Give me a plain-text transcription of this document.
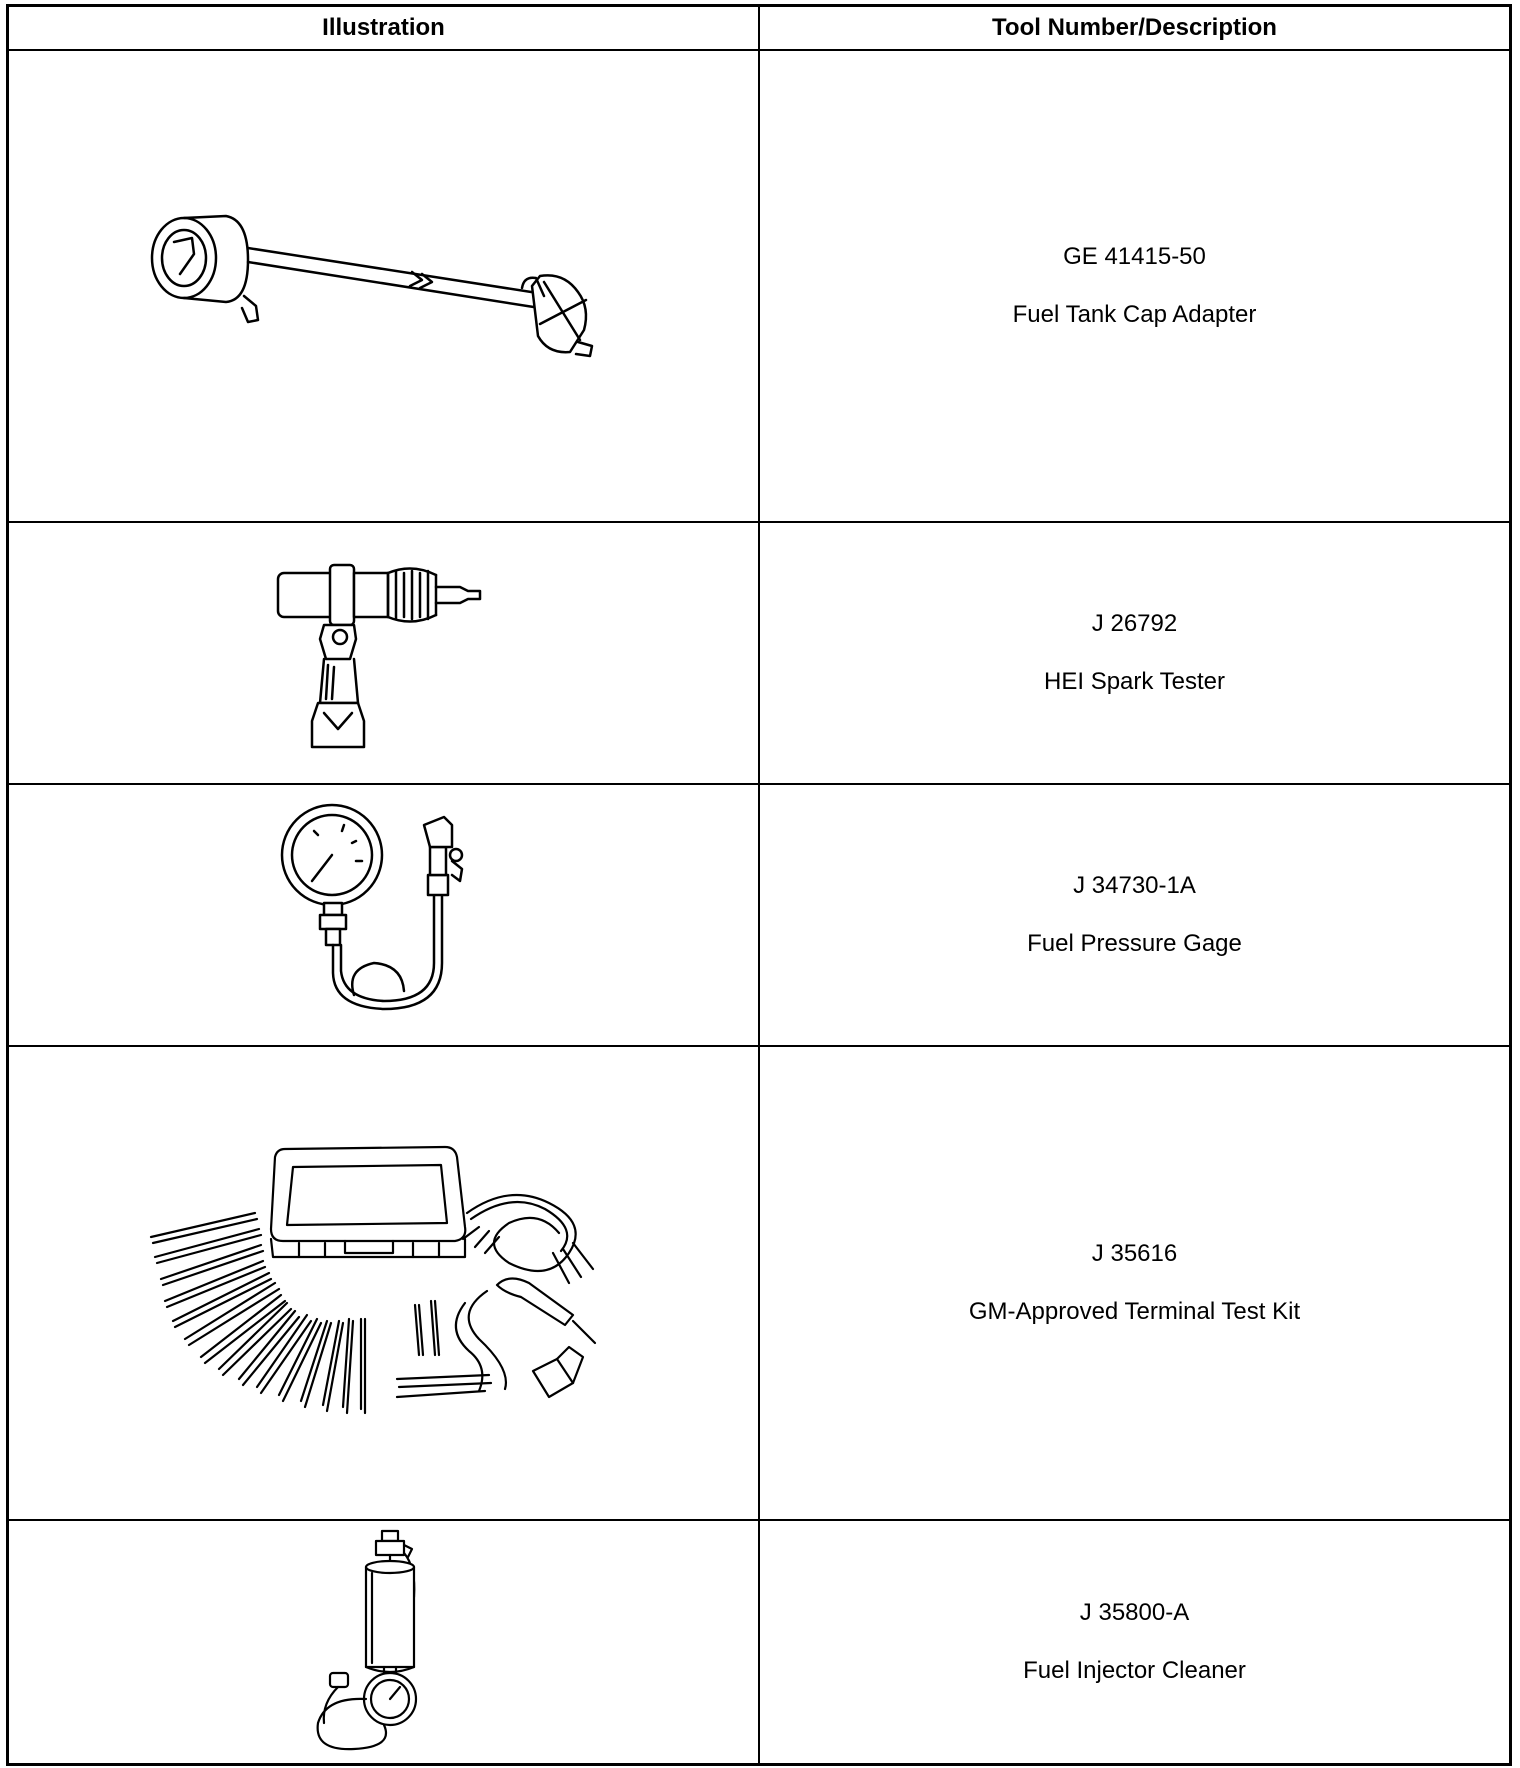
Illustration	Tool Number/Description

GE 41415-50
Fuel Tank Cap Adapter

J 26792
HEI Spark Tester

J 34730-1A
Fuel Pressure Gage

J 35616
GM-Approved Terminal Test Kit

J 35800-A
Fuel Injector Cleaner
